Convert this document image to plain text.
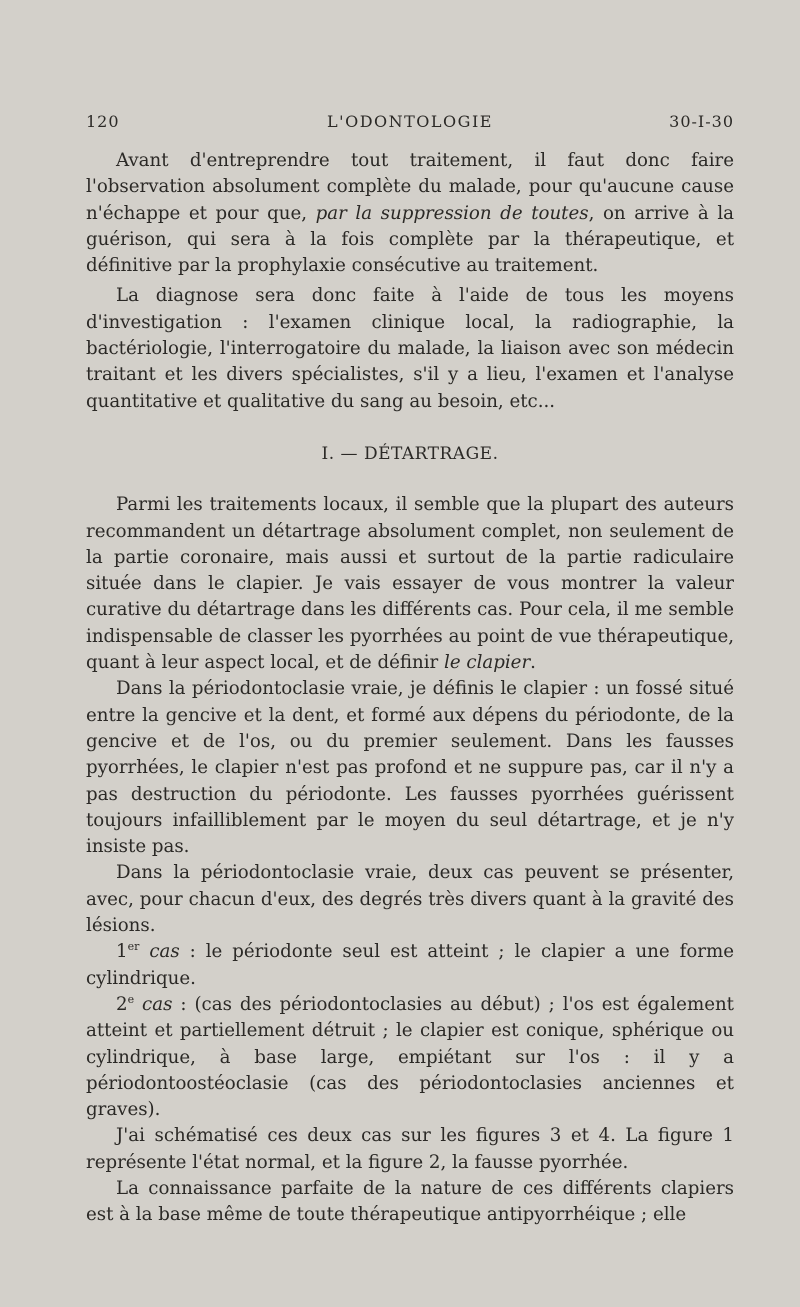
120	L'ODONTOLOGIE	30-I-30

Avant d'entreprendre tout traitement, il faut donc faire l'observation absolument complète du malade, pour qu'aucune cause n'échappe et pour que, par la suppression de toutes, on arrive à la guérison, qui sera à la fois complète par la thérapeutique, et définitive par la prophylaxie consécutive au traitement.

La diagnose sera donc faite à l'aide de tous les moyens d'investigation : l'examen clinique local, la radiographie, la bactériologie, l'interrogatoire du malade, la liaison avec son médecin traitant et les divers spécialistes, s'il y a lieu, l'examen et l'analyse quantitative et qualitative du sang au besoin, etc...

I. — DÉTARTRAGE.

Parmi les traitements locaux, il semble que la plupart des auteurs recommandent un détartrage absolument complet, non seulement de la partie coronaire, mais aussi et surtout de la partie radiculaire située dans le clapier. Je vais essayer de vous montrer la valeur curative du détartrage dans les différents cas. Pour cela, il me semble indispensable de classer les pyorrhées au point de vue thérapeutique, quant à leur aspect local, et de définir le clapier.

Dans la périodontoclasie vraie, je définis le clapier : un fossé situé entre la gencive et la dent, et formé aux dépens du périodonte, de la gencive et de l'os, ou du premier seulement. Dans les fausses pyorrhées, le clapier n'est pas profond et ne suppure pas, car il n'y a pas destruction du périodonte. Les fausses pyorrhées guérissent toujours infailliblement par le moyen du seul détartrage, et je n'y insiste pas.

Dans la périodontoclasie vraie, deux cas peuvent se présenter, avec, pour chacun d'eux, des degrés très divers quant à la gravité des lésions.

1er cas : le périodonte seul est atteint ; le clapier a une forme cylindrique.

2e cas : (cas des périodontoclasies au début) ; l'os est également atteint et partiellement détruit ; le clapier est conique, sphérique ou cylindrique, à base large, empiétant sur l'os : il y a périodontoostéoclasie (cas des périodontoclasies anciennes et graves).

J'ai schématisé ces deux cas sur les figures 3 et 4. La figure 1 représente l'état normal, et la figure 2, la fausse pyorrhée.

La connaissance parfaite de la nature de ces différents clapiers est à la base même de toute thérapeutique antipyorrhéique ; elle
